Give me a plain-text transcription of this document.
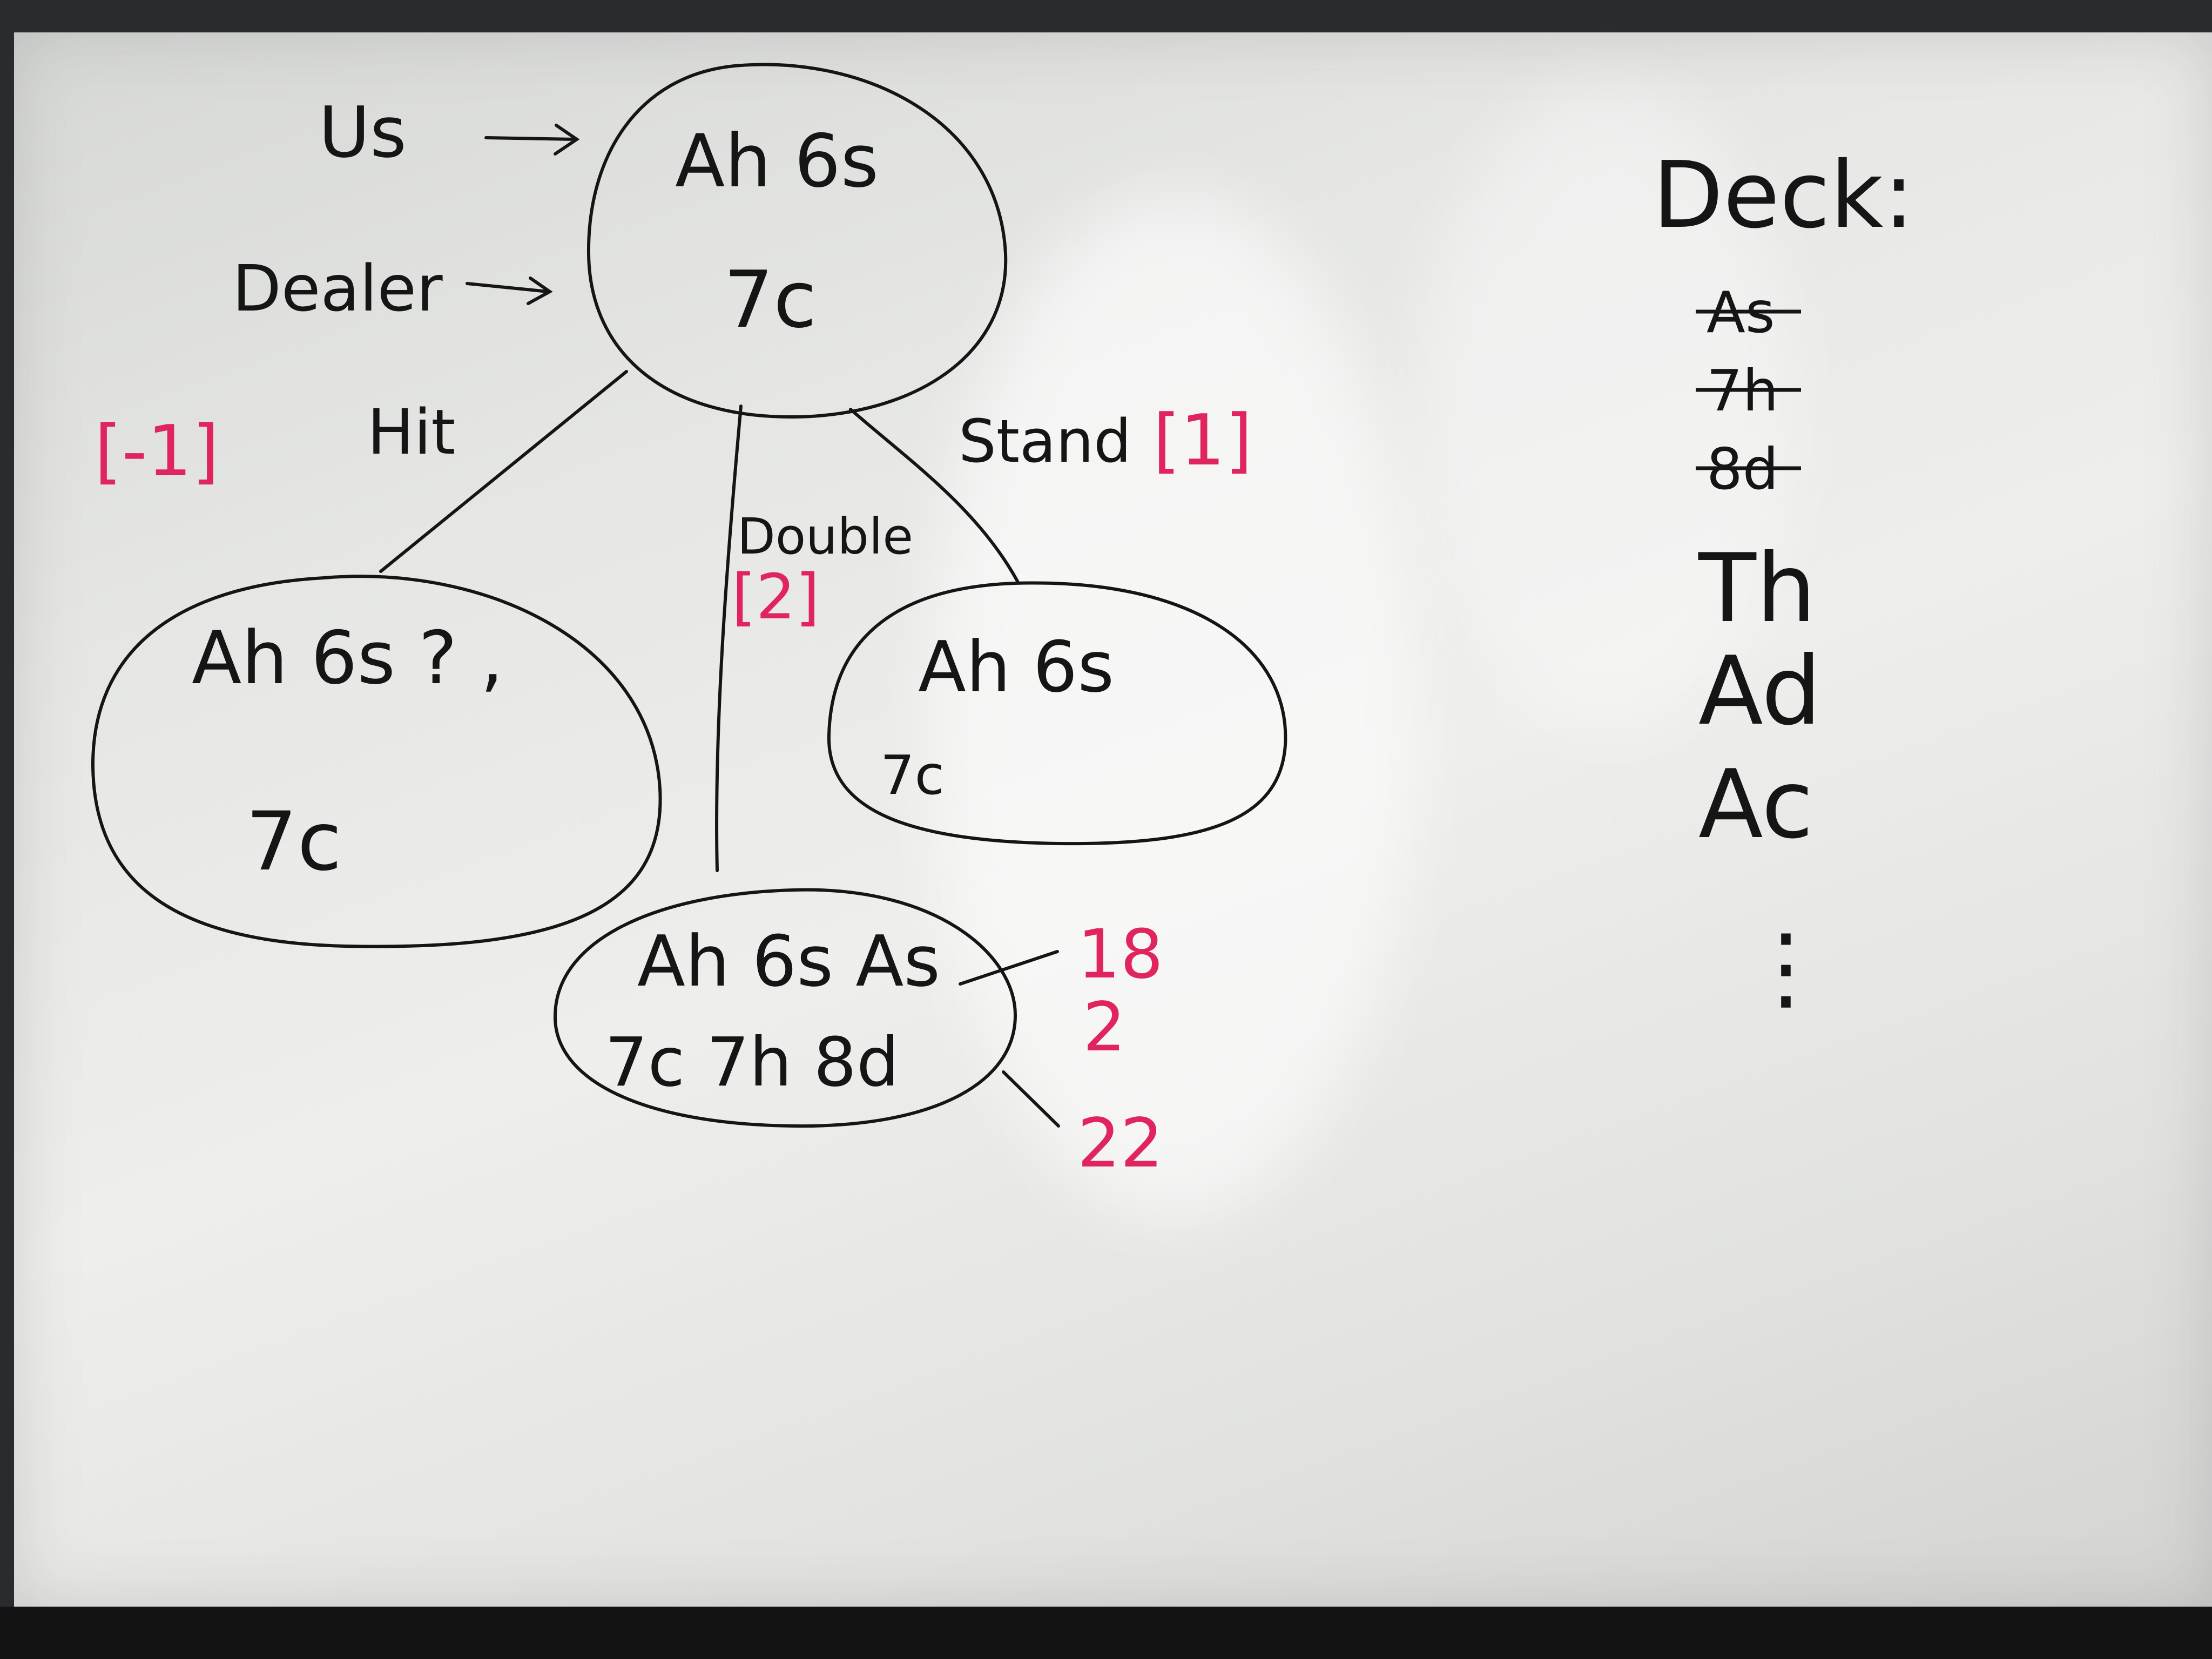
Us
Dealer
Hit	Stand
Double
Ah 6s
7c
Ah 6s ? ,
7c
Ah 6s
7c
Ah 6s As
7c 7h 8d
Deck:
[-1]	[1]
[2]
18
2
22
As
7h
8d
Th
Ad
Ac
⋮
